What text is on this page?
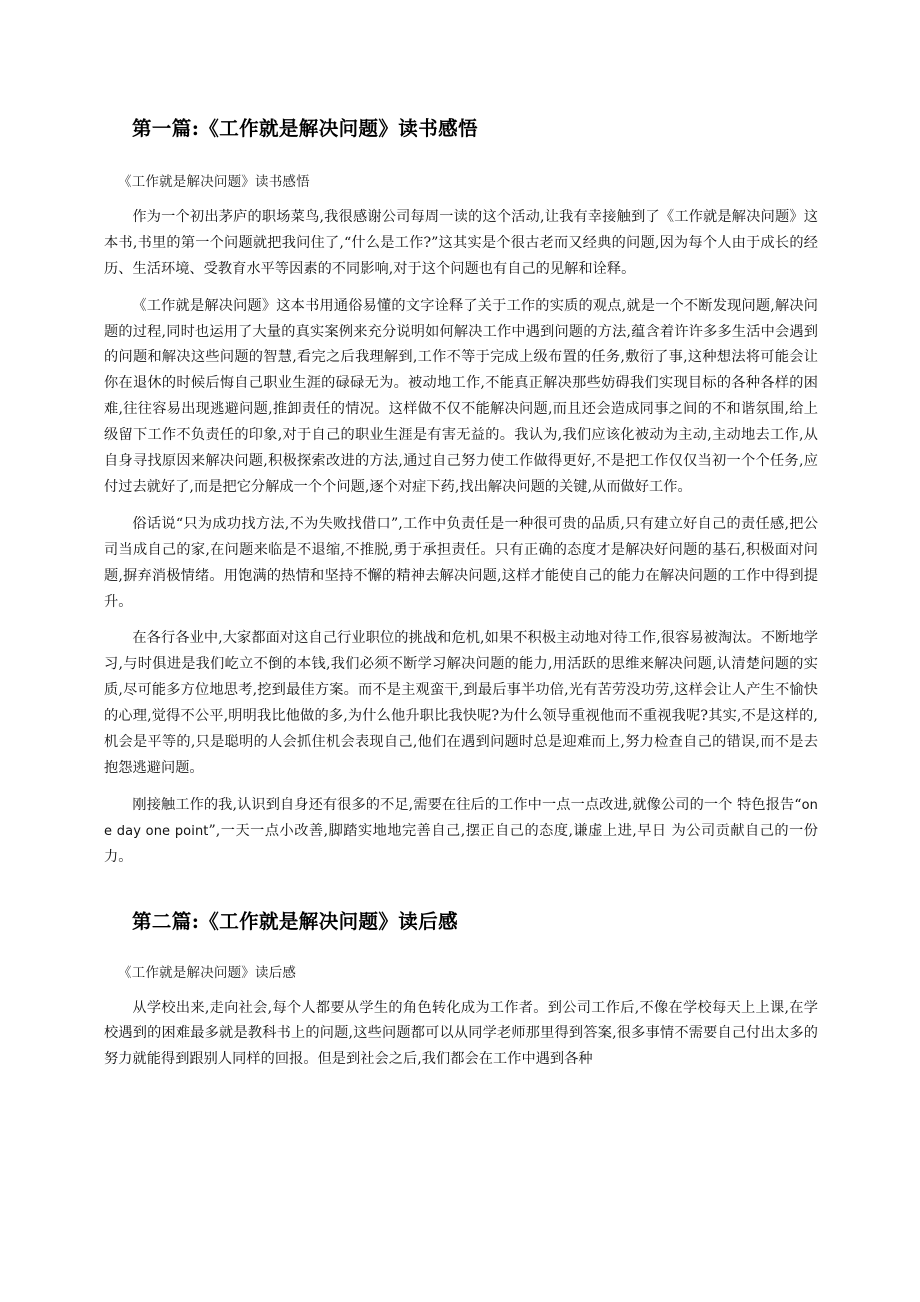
第一篇:《工作就是解决问题》读书感悟

《工作就是解决问题》读书感悟

作为一个初出茅庐的职场菜鸟,我很感谢公司每周一读的这个活动,让我有幸接触到了《工作就是解决问题》这本书,书里的第一个问题就把我问住了,“什么是工作?”这其实是个很古老而又经典的问题,因为每个人由于成长的经历、生活环境、受教育水平等因素的不同影响,对于这个问题也有自己的见解和诠释。

《工作就是解决问题》这本书用通俗易懂的文字诠释了关于工作的实质的观点,就是一个不断发现问题,解决问题的过程,同时也运用了大量的真实案例来充分说明如何解决工作中遇到问题的方法,蕴含着许许多多生活中会遇到的问题和解决这些问题的智慧,看完之后我理解到,工作不等于完成上级布置的任务,敷衍了事,这种想法将可能会让你在退休的时候后悔自己职业生涯的碌碌无为。被动地工作,不能真正解决那些妨碍我们实现目标的各种各样的困难,往往容易出现逃避问题,推卸责任的情况。这样做不仅不能解决问题,而且还会造成同事之间的不和谐氛围,给上级留下工作不负责任的印象,对于自己的职业生涯是有害无益的。我认为,我们应该化被动为主动,主动地去工作,从自身寻找原因来解决问题,积极探索改进的方法,通过自己努力使工作做得更好,不是把工作仅仅当初一个个任务,应付过去就好了,而是把它分解成一个个问题,逐个对症下药,找出解决问题的关键,从而做好工作。

俗话说“只为成功找方法,不为失败找借口”,工作中负责任是一种很可贵的品质,只有建立好自己的责任感,把公司当成自己的家,在问题来临是不退缩,不推脱,勇于承担责任。只有正确的态度才是解决好问题的基石,积极面对问题,摒弃消极情绪。用饱满的热情和坚持不懈的精神去解决问题,这样才能使自己的能力在解决问题的工作中得到提升。

在各行各业中,大家都面对这自己行业职位的挑战和危机,如果不积极主动地对待工作,很容易被淘汰。不断地学习,与时俱进是我们屹立不倒的本钱,我们必须不断学习解决问题的能力,用活跃的思维来解决问题,认清楚问题的实质,尽可能多方位地思考,挖到最佳方案。而不是主观蛮干,到最后事半功倍,光有苦劳没功劳,这样会让人产生不愉快的心理,觉得不公平,明明我比他做的多,为什么他升职比我快呢?为什么领导重视他而不重视我呢?其实,不是这样的,机会是平等的,只是聪明的人会抓住机会表现自己,他们在遇到问题时总是迎难而上,努力检查自己的错误,而不是去抱怨逃避问题。

刚接触工作的我,认识到自身还有很多的不足,需要在往后的工作中一点一点改进,就像公司的一个 特色报告“one day one point”,一天一点小改善,脚踏实地地完善自己,摆正自己的态度,谦虚上进,早日 为公司贡献自己的一份力。

第二篇:《工作就是解决问题》读后感

《工作就是解决问题》读后感

从学校出来,走向社会,每个人都要从学生的角色转化成为工作者。到公司工作后,不像在学校每天上上课,在学校遇到的困难最多就是教科书上的问题,这些问题都可以从同学老师那里得到答案,很多事情不需要自己付出太多的努力就能得到跟别人同样的回报。但是到社会之后,我们都会在工作中遇到各种
